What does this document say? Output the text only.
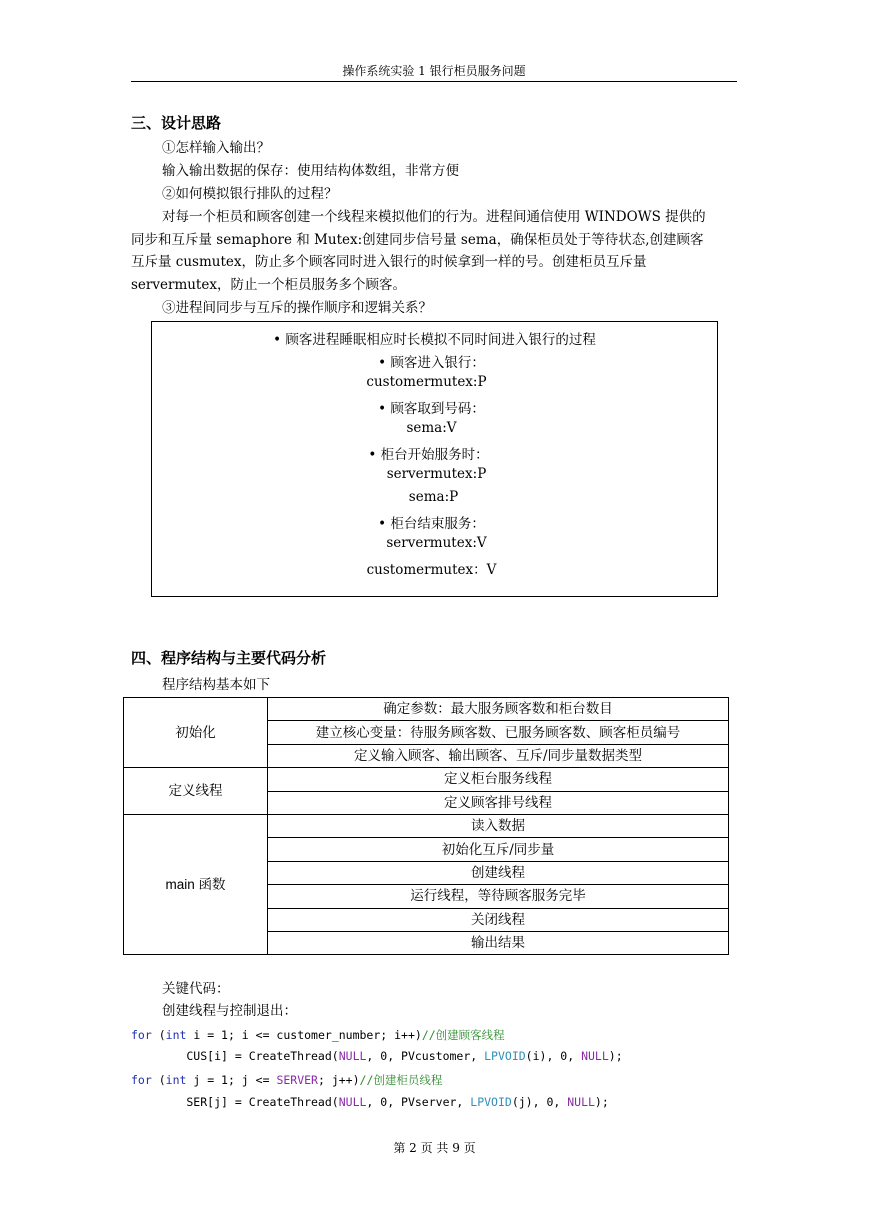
操作系统实验 1 银行柜员服务问题
三、设计思路
①怎样输入输出？
输入输出数据的保存：使用结构体数组，非常方便
②如何模拟银行排队的过程？
对每一个柜员和顾客创建一个线程来模拟他们的行为。进程间通信使用 WINDOWS 提供的
同步和互斥量 semaphore 和 Mutex:创建同步信号量 sema，确保柜员处于等待状态,创建顾客
互斥量 cusmutex，防止多个顾客同时进入银行的时候拿到一样的号。创建柜员互斥量
servermutex，防止一个柜员服务多个顾客。
③进程间同步与互斥的操作顺序和逻辑关系？
• 顾客进程睡眠相应时长模拟不同时间进入银行的过程
• 顾客进入银行：
customermutex:P
• 顾客取到号码：
sema:V
• 柜台开始服务时：
servermutex:P
sema:P
• 柜台结束服务：
servermutex:V
customermutex：V
四、程序结构与主要代码分析
程序结构基本如下
初始化	确定参数：最大服务顾客数和柜台数目
	建立核心变量：待服务顾客数、已服务顾客数、顾客柜员编号
	定义输入顾客、输出顾客、互斥/同步量数据类型
定义线程	定义柜台服务线程
	定义顾客排号线程
main 函数	读入数据
	初始化互斥/同步量
	创建线程
	运行线程，等待顾客服务完毕
	关闭线程
	输出结果
关键代码：
创建线程与控制退出：
for (int i = 1; i <= customer_number; i++)//创建顾客线程
CUS[i] = CreateThread(NULL, 0, PVcustomer, LPVOID(i), 0, NULL);
for (int j = 1; j <= SERVER; j++)//创建柜员线程
SER[j] = CreateThread(NULL, 0, PVserver, LPVOID(j), 0, NULL);
第 2 页 共 9 页
